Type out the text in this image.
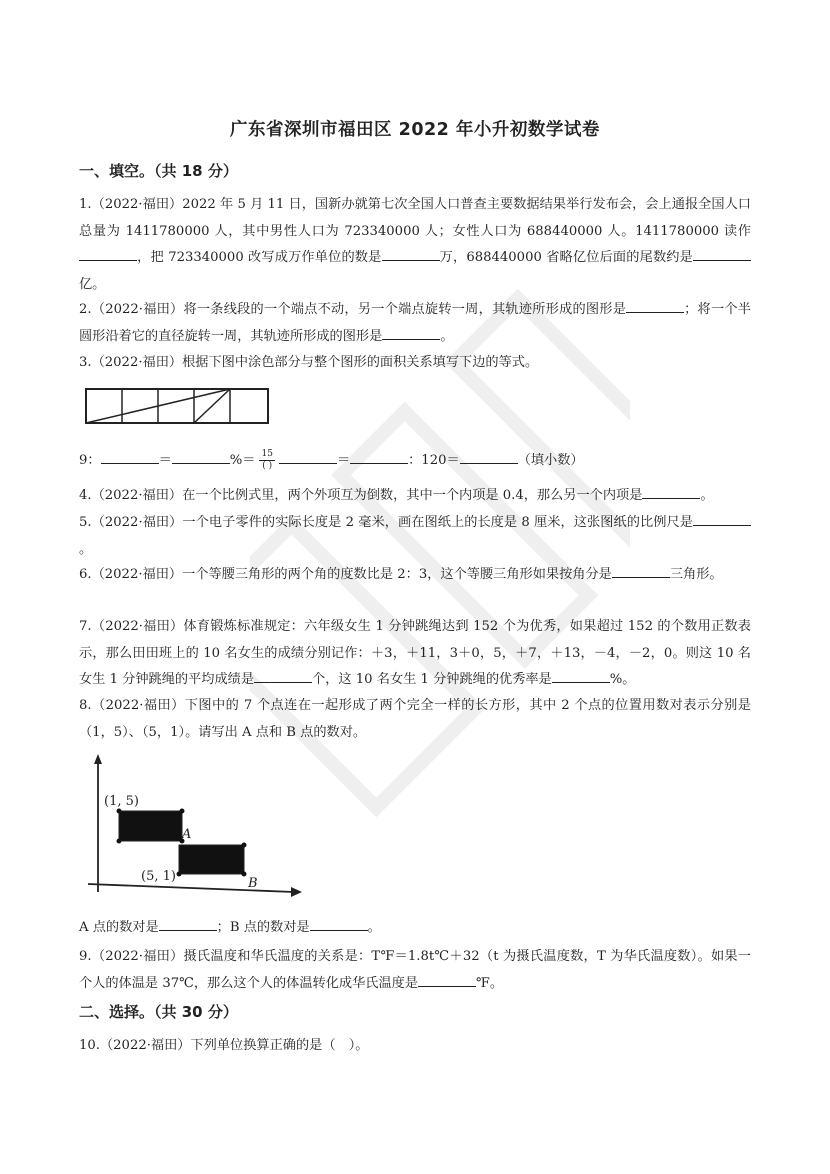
广东省深圳市福田区 2022 年小升初数学试卷

一、填空。（共 18 分）

1.（2022·福田）2022 年 5 月 11 日，国新办就第七次全国人口普查主要数据结果举行发布会，会上通报全国人口总量为 1411780000 人，其中男性人口为 723340000 人；女性人口为 688440000 人。1411780000 读作，把 723340000 改写成万作单位的数是	万，688440000 省略亿位后面的尾数约是亿。

2.（2022·福田）将一条线段的一个端点不动，另一个端点旋转一周，其轨迹所形成的图形是	；将一个半圆形沿着它的直径旋转一周，其轨迹所形成的图形是	。

3.（2022·福田）根据下图中涂色部分与整个图形的面积关系填写下边的等式。

9：	＝	%＝ $\frac{15}{( )}$	＝	：120＝	（填小数）

4.（2022·福田）在一个比例式里，两个外项互为倒数，其中一个内项是 0.4，那么另一个内项是	。

5.（2022·福田）一个电子零件的实际长度是 2 毫米，画在图纸上的长度是 8 厘米，这张图纸的比例尺是。

6.（2022·福田）一个等腰三角形的两个角的度数比是 2：3，这个等腰三角形如果按角分是	三角形。

7.（2022·福田）体育锻炼标准规定：六年级女生 1 分钟跳绳达到 152 个为优秀，如果超过 152 的个数用正数表示，那么田田班上的 10 名女生的成绩分别记作：＋3，＋11，3＋0，5，＋7，＋13，－4，－2，0。则这 10 名女生 1 分钟跳绳的平均成绩是	个，这 10 名女生 1 分钟跳绳的优秀率是	%。

8.（2022·福田）下图中的 7 个点连在一起形成了两个完全一样的长方形，其中 2 个点的位置用数对表示分别是（1，5）、（5，1）。请写出 A 点和 B 点的数对。

(1, 5)
(5, 1)
A
B

A 点的数对是	；B 点的数对是	。

9.（2022·福田）摄氏温度和华氏温度的关系是：T℉＝1.8t℃＋32（t 为摄氏温度数，T 为华氏温度数）。如果一个人的体温是 37℃，那么这个人的体温转化成华氏温度是	℉。

二、选择。（共 30 分）

10.（2022·福田）下列单位换算正确的是（　）。
